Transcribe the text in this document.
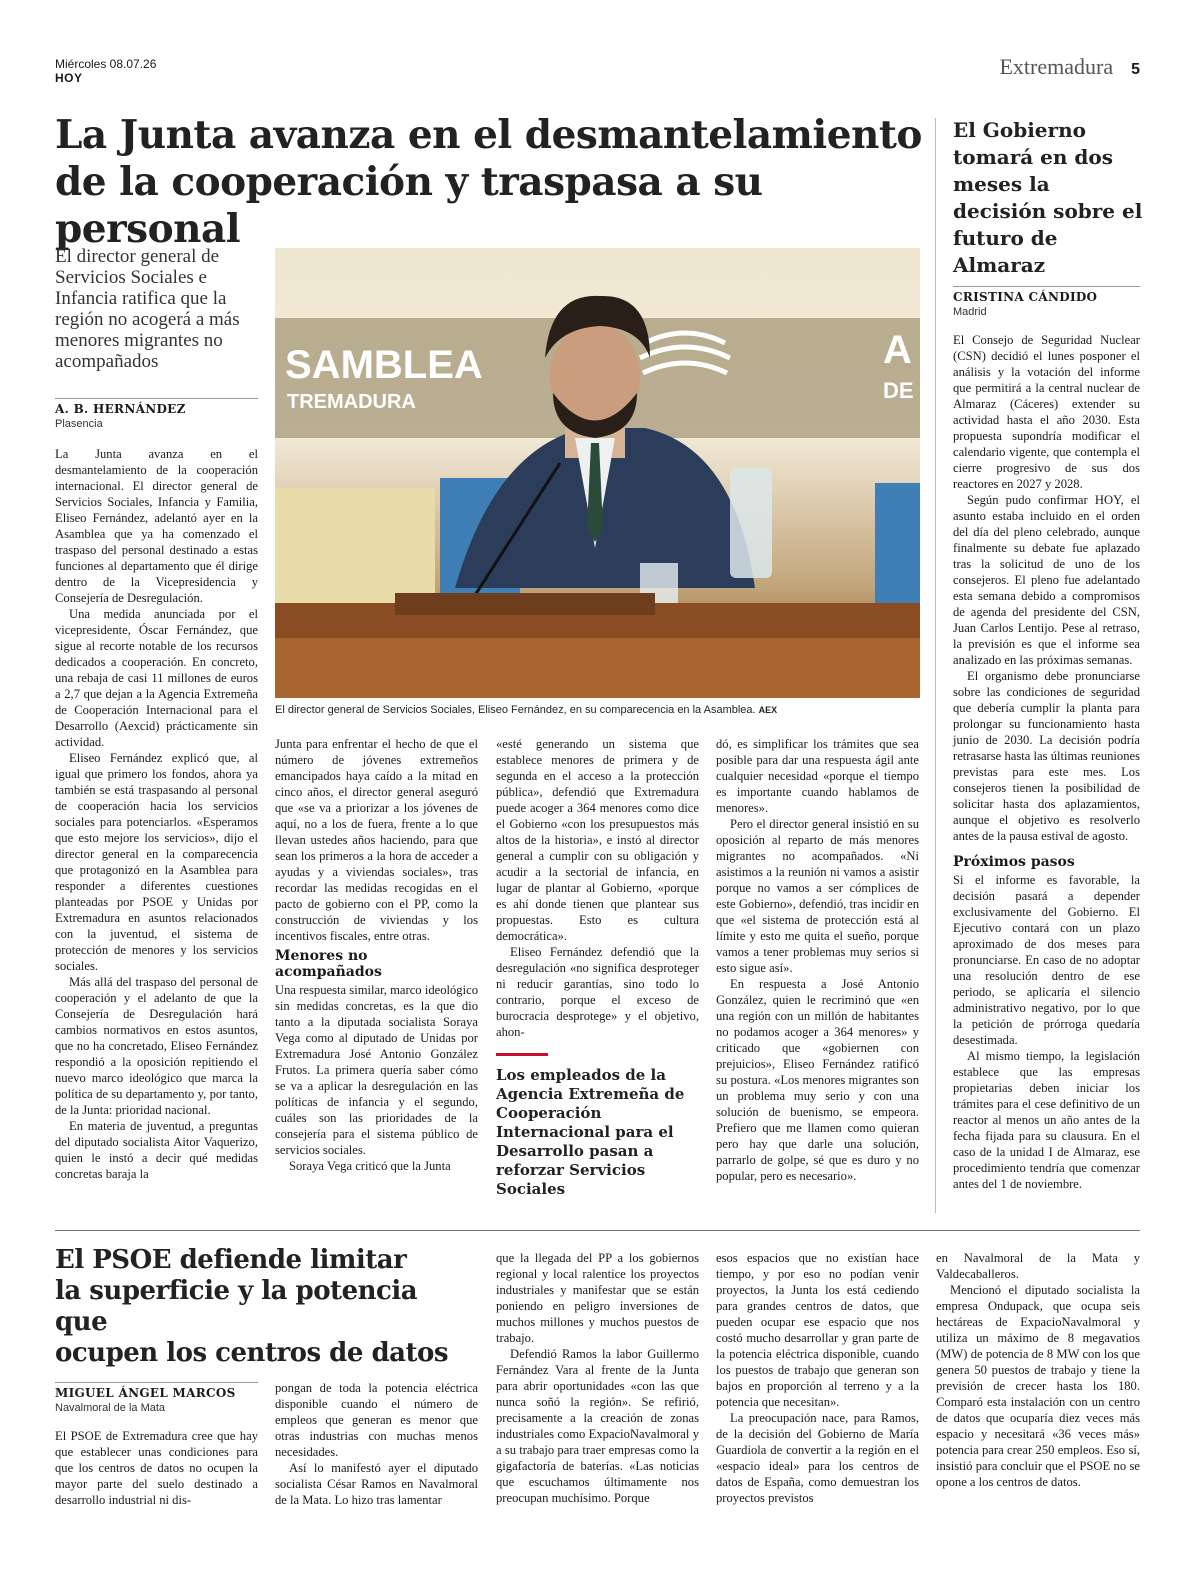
Miércoles 08.07.26
HOY	Extremadura 5
La Junta avanza en el desmantelamiento
de la cooperación y traspasa a su personal
El director general de Servicios Sociales e Infancia ratifica que la región no acogerá a más menores migrantes no acompañados
A. B. HERNÁNDEZ
Plasencia
SAMBLEA
TREMADURA
A
DE
El director general de Servicios Sociales, Eliseo Fernández, en su comparecencia en la Asamblea. AEX

La Junta avanza en el desmantelamiento de la cooperación internacional. El director general de Servicios Sociales, Infancia y Familia, Eliseo Fernández, adelantó ayer en la Asamblea que ya ha comenzado el traspaso del personal destinado a estas funciones al departamento que él dirige dentro de la Vicepresidencia y Consejería de Desregulación.

Una medida anunciada por el vicepresidente, Óscar Fernández, que sigue al recorte notable de los recursos dedicados a cooperación. En concreto, una rebaja de casi 11 millones de euros a 2,7 que dejan a la Agencia Extremeña de Cooperación Internacional para el Desarrollo (Aexcid) prácticamente sin actividad.

Eliseo Fernández explicó que, al igual que primero los fondos, ahora ya también se está traspasando al personal de cooperación hacia los servicios sociales para potenciarlos. «Esperamos que esto mejore los servicios», dijo el director general en la comparecencia que protagonizó en la Asamblea para responder a diferentes cuestiones planteadas por PSOE y Unidas por Extremadura en asuntos relacionados con la juventud, el sistema de protección de menores y los servicios sociales.

Más allá del traspaso del personal de cooperación y el adelanto de que la Consejería de Desregulación hará cambios normativos en estos asuntos, que no ha concretado, Eliseo Fernández respondió a la oposición repitiendo el nuevo marco ideológico que marca la política de su departamento y, por tanto, de la Junta: prioridad nacional.

En materia de juventud, a preguntas del diputado socialista Aitor Vaquerizo, quien le instó a decir qué medidas concretas baraja la

Junta para enfrentar el hecho de que el número de jóvenes extremeños emancipados haya caído a la mitad en cinco años, el director general aseguró que «se va a priorizar a los jóvenes de aquí, no a los de fuera, frente a lo que llevan ustedes años haciendo, para que sean los primeros a la hora de acceder a ayudas y a viviendas sociales», tras recordar las medidas recogidas en el pacto de gobierno con el PP, como la construcción de viviendas y los incentivos fiscales, entre otras.

Menores no acompañados

Una respuesta similar, marco ideológico sin medidas concretas, es la que dio tanto a la diputada socialista Soraya Vega como al diputado de Unidas por Extremadura José Antonio González Frutos. La primera quería saber cómo se va a aplicar la desregulación en las políticas de infancia y el segundo, cuáles son las prioridades de la consejería para el sistema público de servicios sociales.

Soraya Vega criticó que la Junta

«esté generando un sistema que establece menores de primera y de segunda en el acceso a la protección pública», defendió que Extremadura puede acoger a 364 menores como dice el Gobierno «con los presupuestos más altos de la historia», e instó al director general a cumplir con su obligación y acudir a la sectorial de infancia, en lugar de plantar al Gobierno, «porque es ahí donde tienen que plantear sus propuestas. Esto es cultura democrática».

Eliseo Fernández defendió que la desregulación «no significa desproteger ni reducir garantías, sino todo lo contrario, porque el exceso de burocracia desprotege» y el objetivo, ahon-

Los empleados de la Agencia Extremeña de Cooperación Internacional para el Desarrollo pasan a reforzar Servicios Sociales

dó, es simplificar los trámites que sea posible para dar una respuesta ágil ante cualquier necesidad «porque el tiempo es importante cuando hablamos de menores».

Pero el director general insistió en su oposición al reparto de más menores migrantes no acompañados. «Ni asistimos a la reunión ni vamos a asistir porque no vamos a ser cómplices de este Gobierno», defendió, tras incidir en que «el sistema de protección está al límite y esto me quita el sueño, porque vamos a tener problemas muy serios si esto sigue así».

En respuesta a José Antonio González, quien le recriminó que «en una región con un millón de habitantes no podamos acoger a 364 menores» y criticado que «gobiernen con prejuicios», Eliseo Fernández ratificó su postura. «Los menores migrantes son un problema muy serio y con una solución de buenismo, se empeora. Prefiero que me llamen como quieran pero hay que darle una solución, parrarlo de golpe, sé que es duro y no popular, pero es necesario».

El Gobierno tomará en dos meses la decisión sobre el futuro de Almaraz
CRISTINA CÁNDIDO
Madrid

El Consejo de Seguridad Nuclear (CSN) decidió el lunes posponer el análisis y la votación del informe que permitirá a la central nuclear de Almaraz (Cáceres) extender su actividad hasta el año 2030. Esta propuesta supondría modificar el calendario vigente, que contempla el cierre progresivo de sus dos reactores en 2027 y 2028.

Según pudo confirmar HOY, el asunto estaba incluido en el orden del día del pleno celebrado, aunque finalmente su debate fue aplazado tras la solicitud de uno de los consejeros. El pleno fue adelantado esta semana debido a compromisos de agenda del presidente del CSN, Juan Carlos Lentijo. Pese al retraso, la previsión es que el informe sea analizado en las próximas semanas.

El organismo debe pronunciarse sobre las condiciones de seguridad que debería cumplir la planta para prolongar su funcionamiento hasta junio de 2030. La decisión podría retrasarse hasta las últimas reuniones previstas para este mes. Los consejeros tienen la posibilidad de solicitar hasta dos aplazamientos, aunque el objetivo es resolverlo antes de la pausa estival de agosto.

Próximos pasos

Si el informe es favorable, la decisión pasará a depender exclusivamente del Gobierno. El Ejecutivo contará con un plazo aproximado de dos meses para pronunciarse. En caso de no adoptar una resolución dentro de ese periodo, se aplicaría el silencio administrativo negativo, por lo que la petición de prórroga quedaría desestimada.

Al mismo tiempo, la legislación establece que las empresas propietarias deben iniciar los trámites para el cese definitivo de un reactor al menos un año antes de la fecha fijada para su clausura. En el caso de la unidad I de Almaraz, ese procedimiento tendría que comenzar antes del 1 de noviembre.

El PSOE defiende limitar
la superficie y la potencia que
ocupen los centros de datos
MIGUEL ÁNGEL MARCOS
Navalmoral de la Mata

El PSOE de Extremadura cree que hay que establecer unas condiciones para que los centros de datos no ocupen la mayor parte del suelo destinado a desarrollo industrial ni dis-

pongan de toda la potencia eléctrica disponible cuando el número de empleos que generan es menor que otras industrias con muchas menos necesidades.

Así lo manifestó ayer el diputado socialista César Ramos en Navalmoral de la Mata. Lo hizo tras lamentar

que la llegada del PP a los gobiernos regional y local ralentice los proyectos industriales y manifestar que se están poniendo en peligro inversiones de muchos millones y muchos puestos de trabajo.

Defendió Ramos la labor Guillermo Fernández Vara al frente de la Junta para abrir oportunidades «con las que nunca soñó la región». Se refirió, precisamente a la creación de zonas industriales como ExpacioNavalmoral y a su trabajo para traer empresas como la gigafactoría de baterías. «Las noticias que escuchamos últimamente nos preocupan muchísimo. Porque

esos espacios que no existían hace tiempo, y por eso no podían venir proyectos, la Junta los está cediendo para grandes centros de datos, que pueden ocupar ese espacio que nos costó mucho desarrollar y gran parte de la potencia eléctrica disponible, cuando los puestos de trabajo que generan son bajos en proporción al terreno y a la potencia que necesitan».

La preocupación nace, para Ramos, de la decisión del Gobierno de María Guardiola de convertir a la región en el «espacio ideal» para los centros de datos de España, como demuestran los proyectos previstos

en Navalmoral de la Mata y Valdecaballeros.

Mencionó el diputado socialista la empresa Ondupack, que ocupa seis hectáreas de ExpacioNavalmoral y utiliza un máximo de 8 megavatios (MW) de potencia de 8 MW con los que genera 50 puestos de trabajo y tiene la previsión de crecer hasta los 180. Comparó esta instalación con un centro de datos que ocuparía diez veces más espacio y necesitará «36 veces más» potencia para crear 250 empleos. Eso sí, insistió para concluir que el PSOE no se opone a los centros de datos.
